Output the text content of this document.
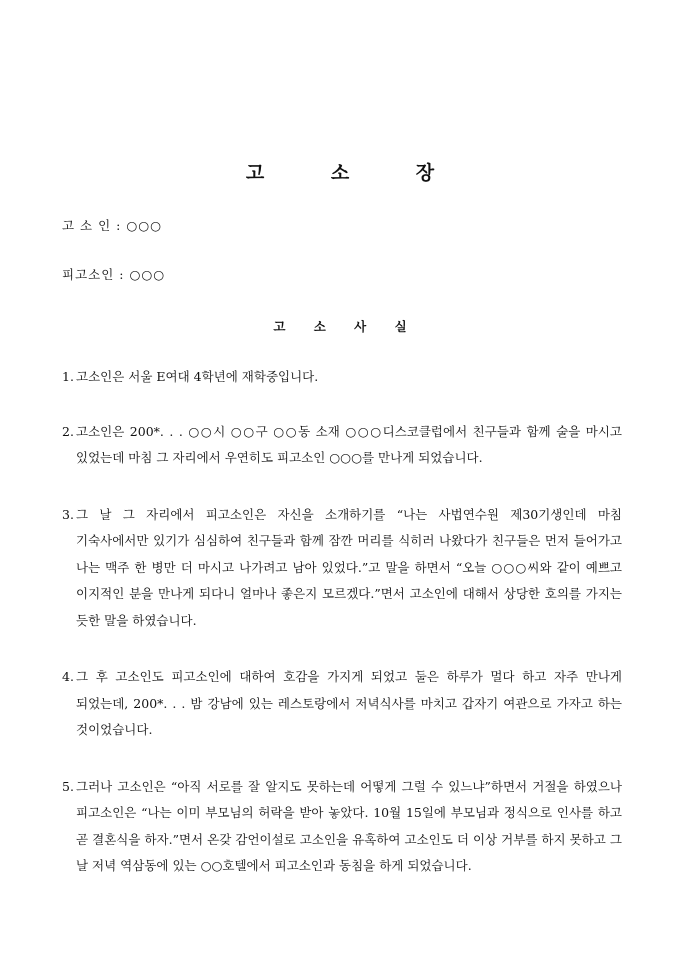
고 소 장
고 소 인 : ○○○
피고소인 : ○○○
고 소 사 실
1. 고소인은 서울 E여대 4학년에 재학중입니다.
2. 고소인은 200*. . . ○○시 ○○구 ○○동 소재 ○○○디스코클럽에서 친구들과 함께 술을 마시고 있었는데 마침 그 자리에서 우연히도 피고소인 ○○○를 만나게 되었습니다.
3. 그 날 그 자리에서 피고소인은 자신을 소개하기를 “나는 사법연수원 제30기생인데 마침 기숙사에서만 있기가 심심하여 친구들과 함께 잠깐 머리를 식히러 나왔다가 친구들은 먼저 들어가고 나는 맥주 한 병만 더 마시고 나가려고 남아 있었다.”고 말을 하면서 “오늘 ○○○씨와 같이 예쁘고 이지적인 분을 만나게 되다니 얼마나 좋은지 모르겠다.”면서 고소인에 대해서 상당한 호의를 가지는 듯한 말을 하였습니다.
4. 그 후 고소인도 피고소인에 대하여 호감을 가지게 되었고 둘은 하루가 멀다 하고 자주 만나게 되었는데, 200*. . . 밤 강남에 있는 레스토랑에서 저녁식사를 마치고 갑자기 여관으로 가자고 하는 것이었습니다.
5. 그러나 고소인은 “아직 서로를 잘 알지도 못하는데 어떻게 그럴 수 있느냐”하면서 거절을 하였으나 피고소인은 “나는 이미 부모님의 허락을 받아 놓았다. 10월 15일에 부모님과 정식으로 인사를 하고 곧 결혼식을 하자.”면서 온갖 감언이설로 고소인을 유혹하여 고소인도 더 이상 거부를 하지 못하고 그 날 저녁 역삼동에 있는 ○○호텔에서 피고소인과 동침을 하게 되었습니다.
